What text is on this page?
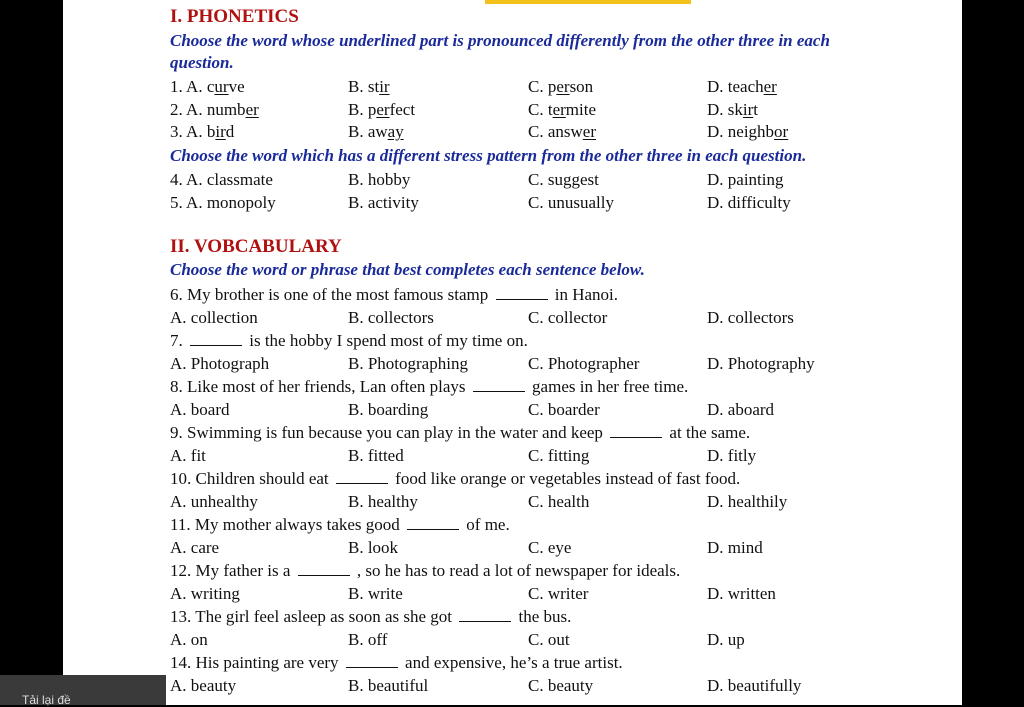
I. PHONETICS
Choose the word whose underlined part is pronounced differently from the other three in each
question.
1. A. curve	B. stir	C. person	D. teacher
2. A. number	B. perfect	C. termite	D. skirt
3. A. bird	B. away	C. answer	D. neighbor
Choose the word which has a different stress pattern from the other three in each question.
4. A. classmate	B. hobby	C. suggest	D. painting
5. A. monopoly	B. activity	C. unusually	D. difficulty
II. VOBCABULARY
Choose the word or phrase that best completes each sentence below.
6. My brother is one of the most famous stamp	in Hanoi.
A. collection	B. collectors	C. collector	D. collectors
7.	is the hobby I spend most of my time on.
A. Photograph	B. Photographing	C. Photographer	D. Photography
8. Like most of her friends, Lan often plays	games in her free time.
A. board	B. boarding	C. boarder	D. aboard
9. Swimming is fun because you can play in the water and keep	at the same.
A. fit	B. fitted	C. fitting	D. fitly
10. Children should eat	food like orange or vegetables instead of fast food.
A. unhealthy	B. healthy	C. health	D. healthily
11. My mother always takes good	of me.
A. care	B. look	C. eye	D. mind
12. My father is a	, so he has to read a lot of newspaper for ideals.
A. writing	B. write	C. writer	D. written
13. The girl feel asleep as soon as she got	the bus.
A. on	B. off	C. out	D. up
14. His painting are very	and expensive, he’s a true artist.
A. beauty	B. beautiful	C. beauty	D. beautifully
Tải lại đề
